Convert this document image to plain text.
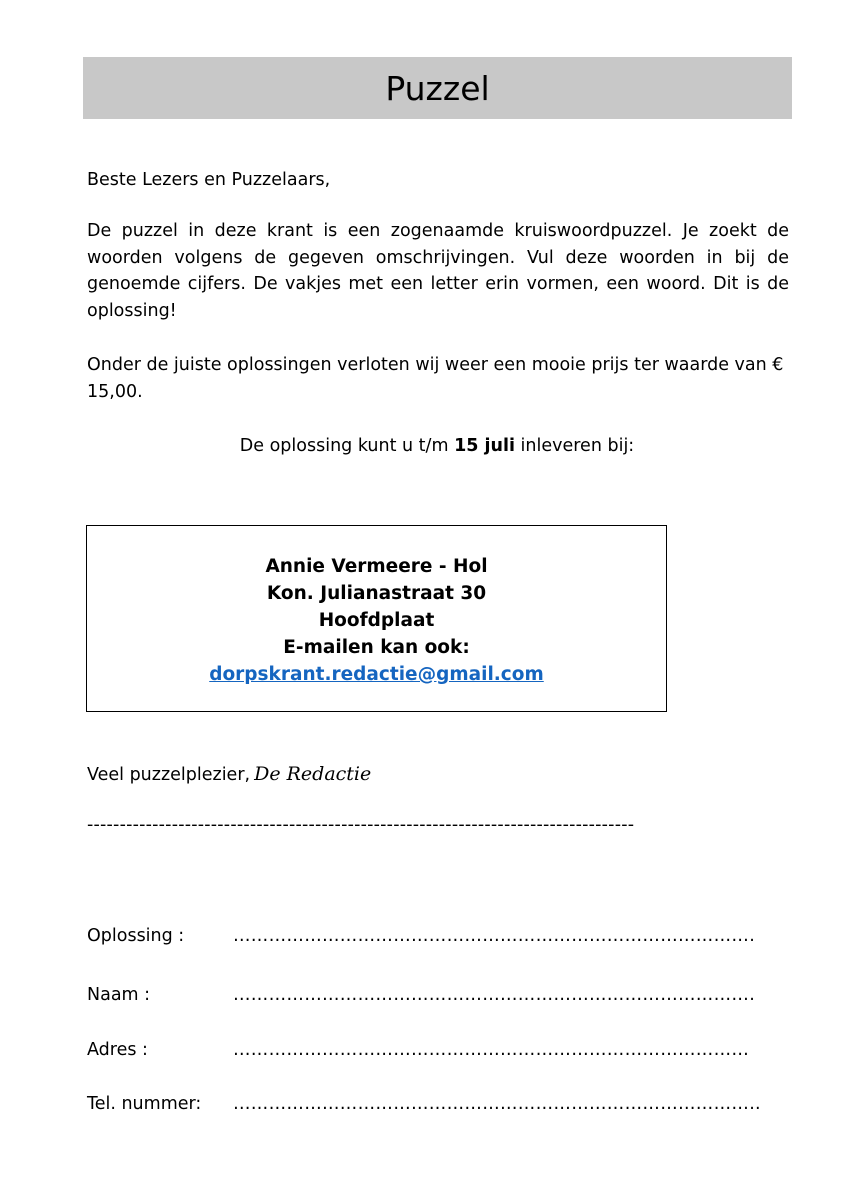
Puzzel

Beste Lezers en Puzzelaars,

De puzzel in deze krant is een zogenaamde kruiswoordpuzzel. Je zoekt de woorden volgens de gegeven omschrijvingen. Vul deze woorden in bij de genoemde cijfers. De vakjes met een letter erin vormen, een woord. Dit is de oplossing!

Onder de juiste oplossingen verloten wij weer een mooie prijs ter waarde van € 15,00.

De oplossing kunt u t/m 15 juli inleveren bij:

Annie Vermeere - Hol
Kon. Julianastraat 30
Hoofdplaat
E-mailen kan ook:
dorpskrant.redactie@gmail.com
Veel puzzelplezier, De Redactie
------------------------------------------------------------------------------------
Oplossing :	…………………………………………………………………………….
Naam :	…………………………………………………………………………….
Adres :	……………………………………………………………………………
Tel. nummer: ……………………………………………………………………………..
